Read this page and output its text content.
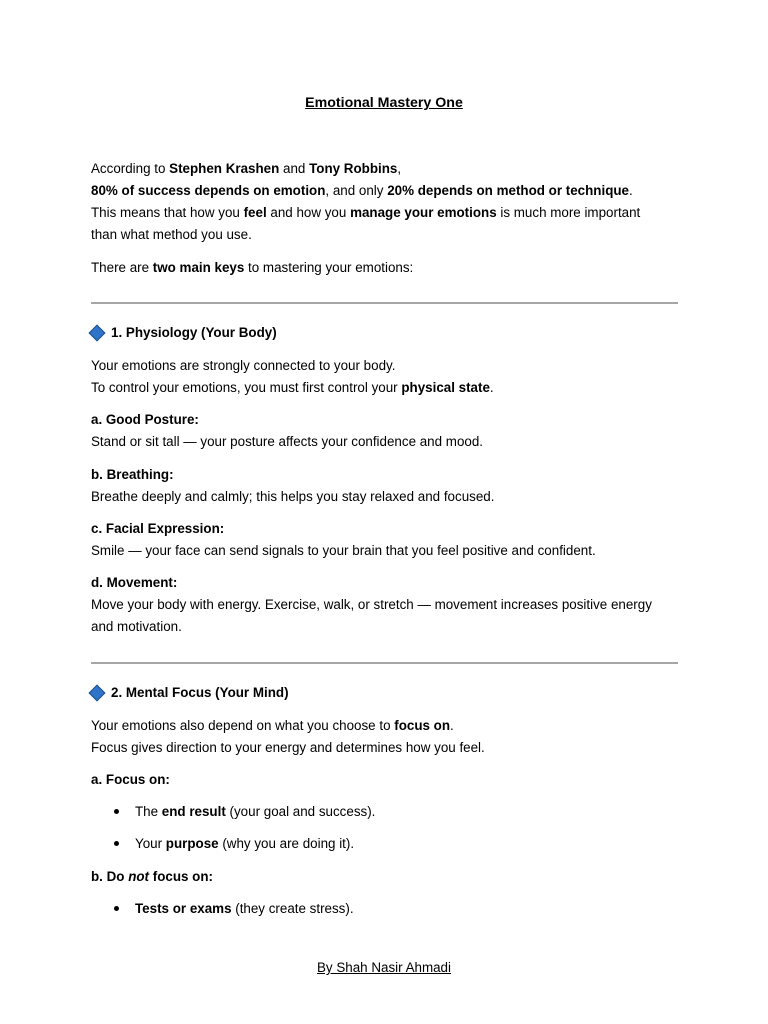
Emotional Mastery One
According to Stephen Krashen and Tony Robbins,
80% of success depends on emotion, and only 20% depends on method or technique.
This means that how you feel and how you manage your emotions is much more important
than what method you use.
There are two main keys to mastering your emotions:
1. Physiology (Your Body)
Your emotions are strongly connected to your body.
To control your emotions, you must first control your physical state.
a. Good Posture:
Stand or sit tall — your posture affects your confidence and mood.
b. Breathing:
Breathe deeply and calmly; this helps you stay relaxed and focused.
c. Facial Expression:
Smile — your face can send signals to your brain that you feel positive and confident.
d. Movement:
Move your body with energy. Exercise, walk, or stretch — movement increases positive energy
and motivation.
2. Mental Focus (Your Mind)
Your emotions also depend on what you choose to focus on.
Focus gives direction to your energy and determines how you feel.
a. Focus on:
The end result (your goal and success).
Your purpose (why you are doing it).
b. Do not focus on:
Tests or exams (they create stress).
By Shah Nasir Ahmadi
